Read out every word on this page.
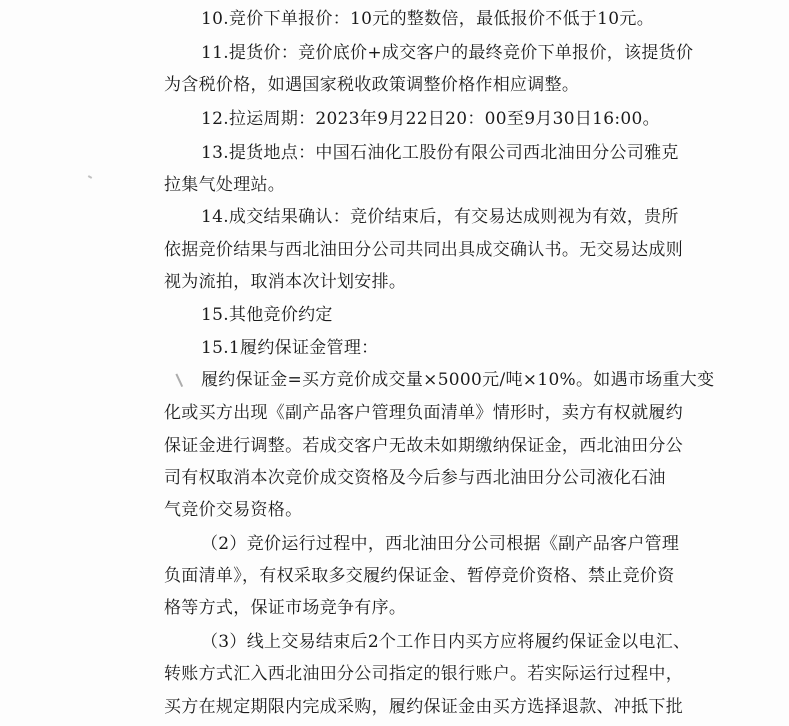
10.竞价下单报价：10元的整数倍，最低报价不低于10元。
11.提货价：竞价底价+成交客户的最终竞价下单报价，该提货价
为含税价格，如遇国家税收政策调整价格作相应调整。
12.拉运周期：2023年9月22日20：00至9月30日16:00。
13.提货地点：中国石油化工股份有限公司西北油田分公司雅克
拉集气处理站。
14.成交结果确认：竞价结束后，有交易达成则视为有效，贵所
依据竞价结果与西北油田分公司共同出具成交确认书。无交易达成则
视为流拍，取消本次计划安排。
15.其他竞价约定
15.1履约保证金管理：
履约保证金=买方竞价成交量×5000元/吨×10%。如遇市场重大变
化或买方出现《副产品客户管理负面清单》情形时，卖方有权就履约
保证金进行调整。若成交客户无故未如期缴纳保证金，西北油田分公
司有权取消本次竞价成交资格及今后参与西北油田分公司液化石油
气竞价交易资格。
（2）竞价运行过程中，西北油田分公司根据《副产品客户管理
负面清单》，有权采取多交履约保证金、暂停竞价资格、禁止竞价资
格等方式，保证市场竞争有序。
（3）线上交易结束后2个工作日内买方应将履约保证金以电汇、
转账方式汇入西北油田分公司指定的银行账户。若实际运行过程中，
买方在规定期限内完成采购，履约保证金由买方选择退款、冲抵下批
